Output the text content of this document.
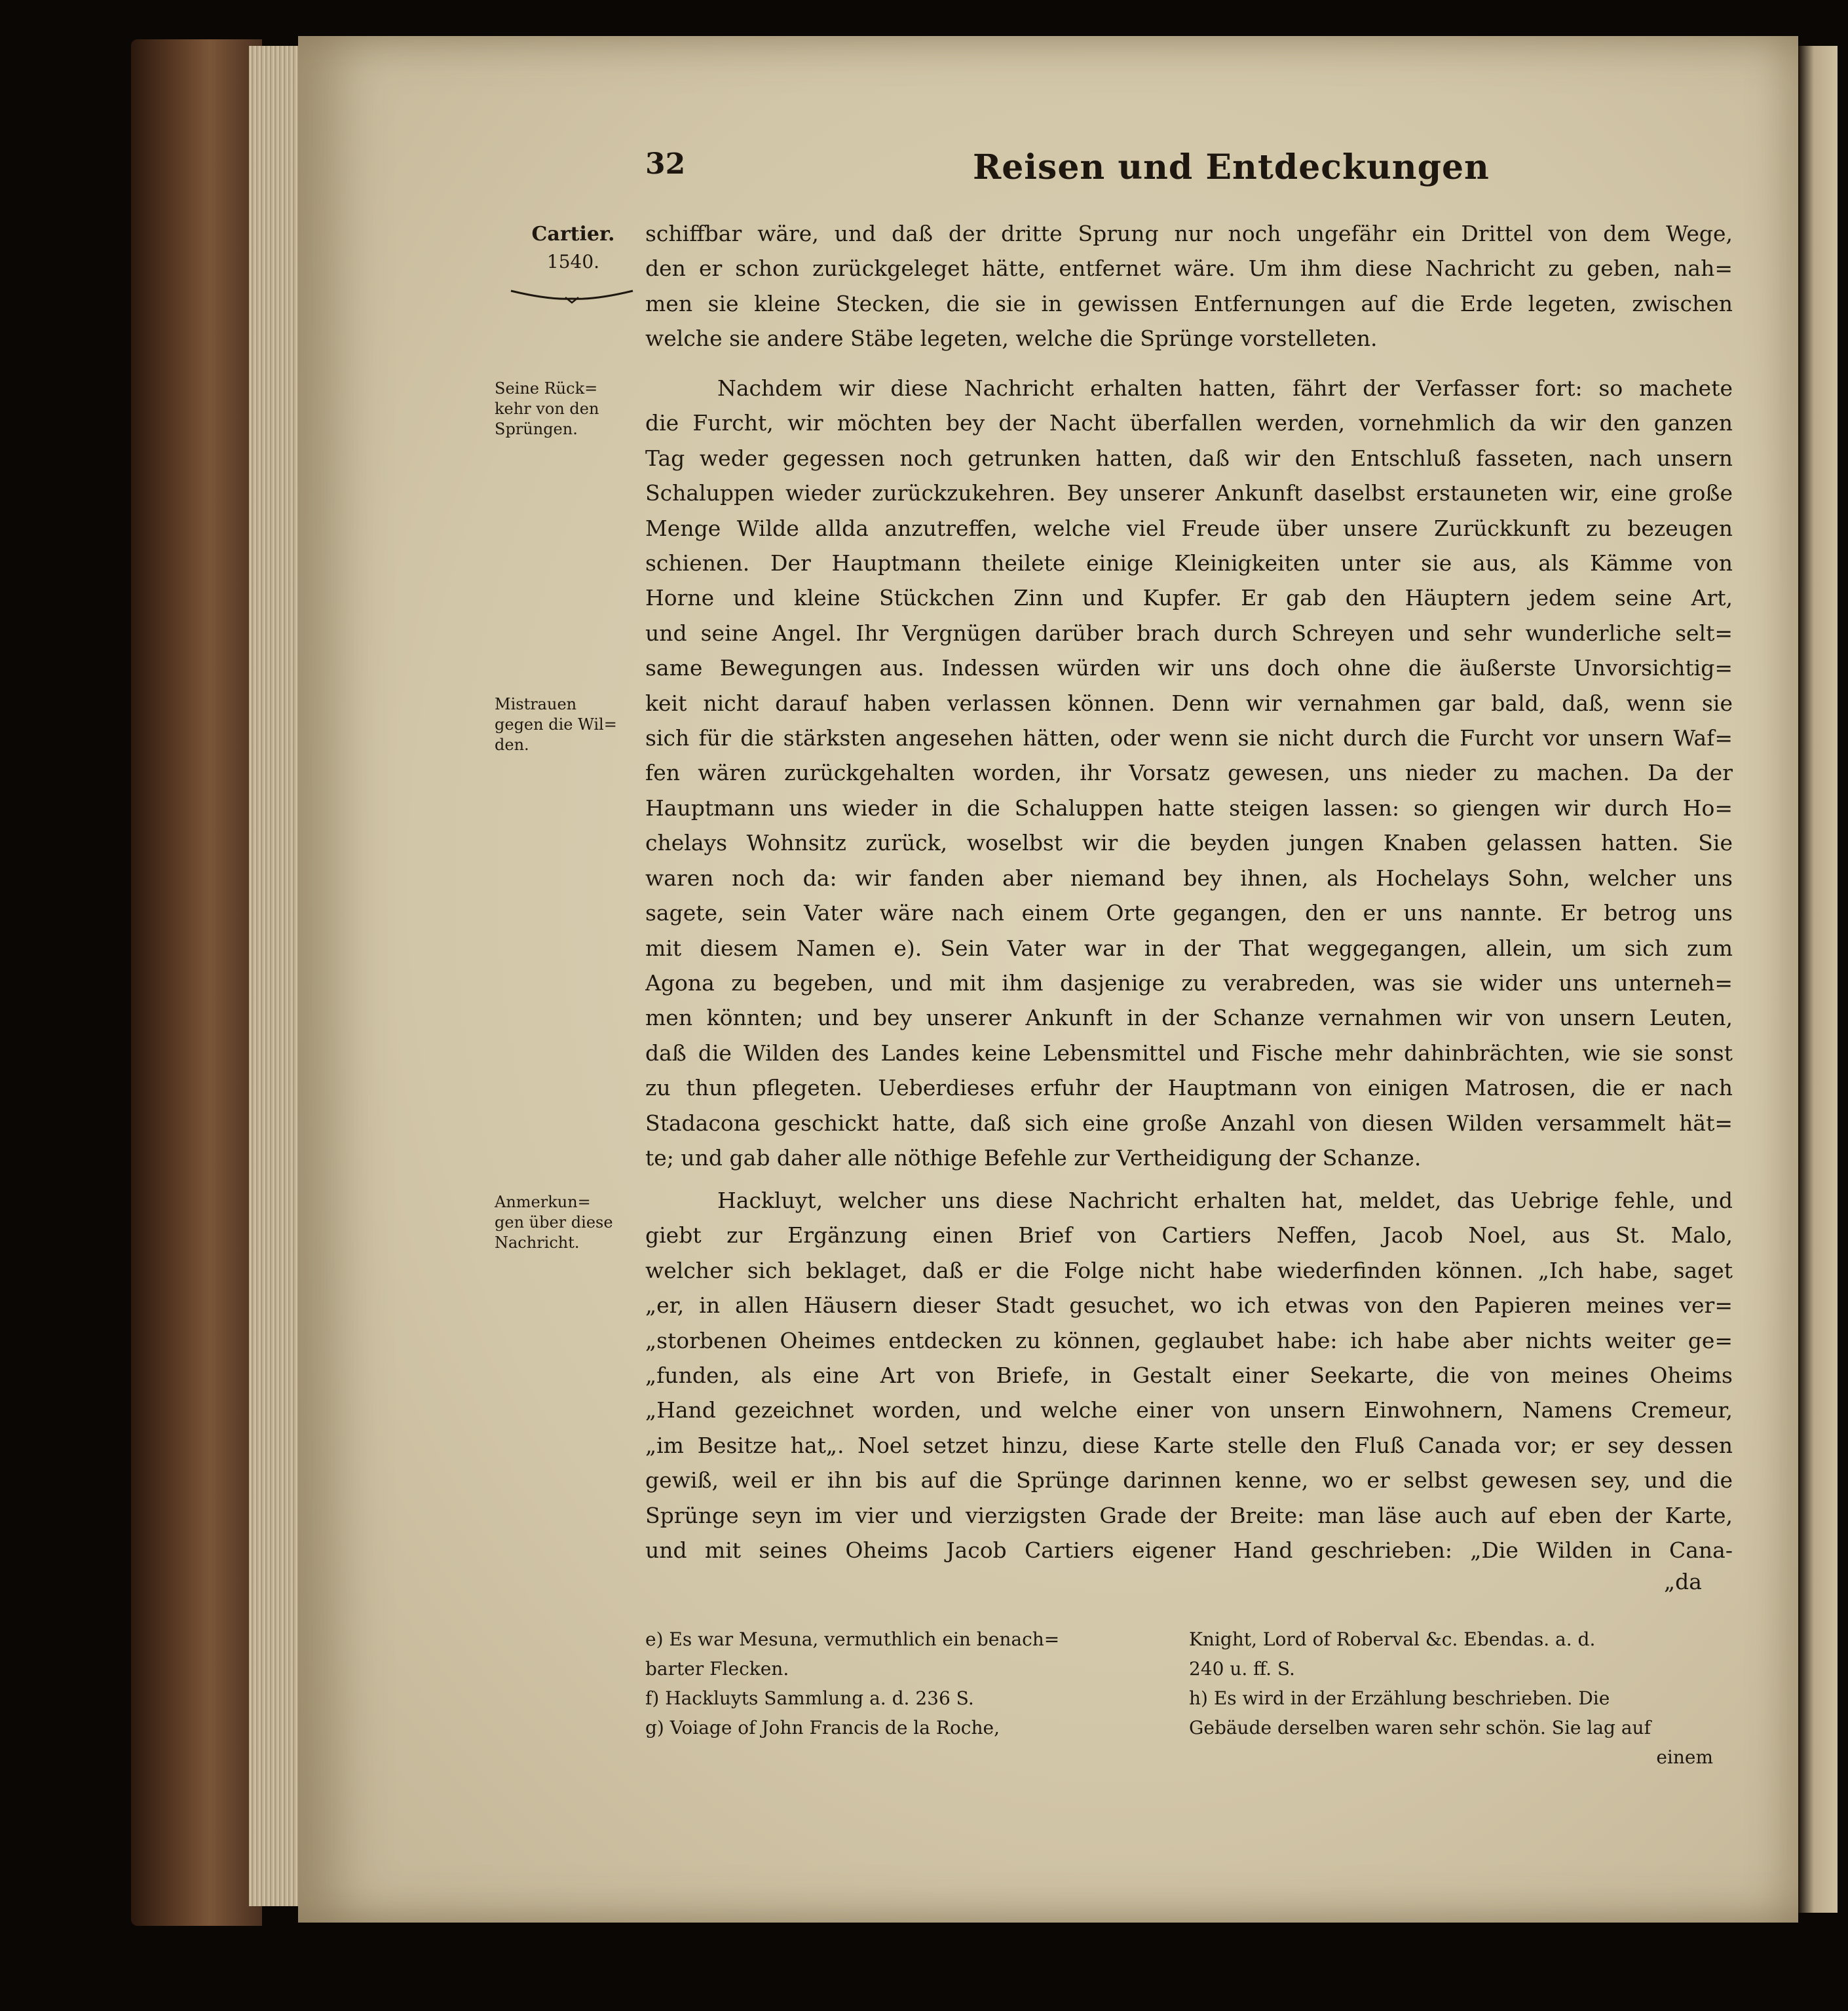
32	Reisen und Entdeckungen
Cartier.
1540.
schiffbar wäre, und daß der dritte Sprung nur noch ungefähr ein Drittel von dem Wege,
den er schon zurückgeleget hätte, entfernet wäre. Um ihm diese Nachricht zu geben, nah=
men sie kleine Stecken, die sie in gewissen Entfernungen auf die Erde legeten, zwischen
welche sie andere Stäbe legeten, welche die Sprünge vorstelleten.
Nachdem wir diese Nachricht erhalten hatten, fährt der Verfasser fort: so machete
die Furcht, wir möchten bey der Nacht überfallen werden, vornehmlich da wir den ganzen
Tag weder gegessen noch getrunken hatten, daß wir den Entschluß fasseten, nach unsern
Schaluppen wieder zurückzukehren. Bey unserer Ankunft daselbst erstauneten wir, eine große
Menge Wilde allda anzutreffen, welche viel Freude über unsere Zurückkunft zu bezeugen
schienen. Der Hauptmann theilete einige Kleinigkeiten unter sie aus, als Kämme von
Horne und kleine Stückchen Zinn und Kupfer. Er gab den Häuptern jedem seine Art,
und seine Angel. Ihr Vergnügen darüber brach durch Schreyen und sehr wunderliche selt=
same Bewegungen aus. Indessen würden wir uns doch ohne die äußerste Unvorsichtig=
keit nicht darauf haben verlassen können. Denn wir vernahmen gar bald, daß, wenn sie
sich für die stärksten angesehen hätten, oder wenn sie nicht durch die Furcht vor unsern Waf=
fen wären zurückgehalten worden, ihr Vorsatz gewesen, uns nieder zu machen. Da der
Hauptmann uns wieder in die Schaluppen hatte steigen lassen: so giengen wir durch Ho=
chelays Wohnsitz zurück, woselbst wir die beyden jungen Knaben gelassen hatten. Sie
waren noch da: wir fanden aber niemand bey ihnen, als Hochelays Sohn, welcher uns
sagete, sein Vater wäre nach einem Orte gegangen, den er uns nannte. Er betrog uns
mit diesem Namen e). Sein Vater war in der That weggegangen, allein, um sich zum
Agona zu begeben, und mit ihm dasjenige zu verabreden, was sie wider uns unterneh=
men könnten; und bey unserer Ankunft in der Schanze vernahmen wir von unsern Leuten,
daß die Wilden des Landes keine Lebensmittel und Fische mehr dahinbrächten, wie sie sonst
zu thun pflegeten. Ueberdieses erfuhr der Hauptmann von einigen Matrosen, die er nach
Stadacona geschickt hatte, daß sich eine große Anzahl von diesen Wilden versammelt hät=
te; und gab daher alle nöthige Befehle zur Vertheidigung der Schanze.
Hackluyt, welcher uns diese Nachricht erhalten hat, meldet, das Uebrige fehle, und
giebt zur Ergänzung einen Brief von Cartiers Neffen, Jacob Noel, aus St. Malo,
welcher sich beklaget, daß er die Folge nicht habe wiederfinden können. „Ich habe, saget
„er, in allen Häusern dieser Stadt gesuchet, wo ich etwas von den Papieren meines ver=
„storbenen Oheimes entdecken zu können, geglaubet habe: ich habe aber nichts weiter ge=
„funden, als eine Art von Briefe, in Gestalt einer Seekarte, die von meines Oheims
„Hand gezeichnet worden, und welche einer von unsern Einwohnern, Namens Cremeur,
„im Besitze hat„. Noel setzet hinzu, diese Karte stelle den Fluß Canada vor; er sey dessen
gewiß, weil er ihn bis auf die Sprünge darinnen kenne, wo er selbst gewesen sey, und die
Sprünge seyn im vier und vierzigsten Grade der Breite: man läse auch auf eben der Karte,
und mit seines Oheims Jacob Cartiers eigener Hand geschrieben: „Die Wilden in Cana-
„da
Seine Rück=
kehr von den
Sprüngen.
Mistrauen
gegen die Wil=
den.
Anmerkun=
gen über diese
Nachricht.
e) Es war Mesuna, vermuthlich ein benach=
barter Flecken.
f) Hackluyts Sammlung a. d. 236 S.
g) Voiage of John Francis de la Roche,
Knight, Lord of Roberval &c. Ebendas. a. d.
240 u. ff. S.
h) Es wird in der Erzählung beschrieben. Die
Gebäude derselben waren sehr schön. Sie lag auf
einem
